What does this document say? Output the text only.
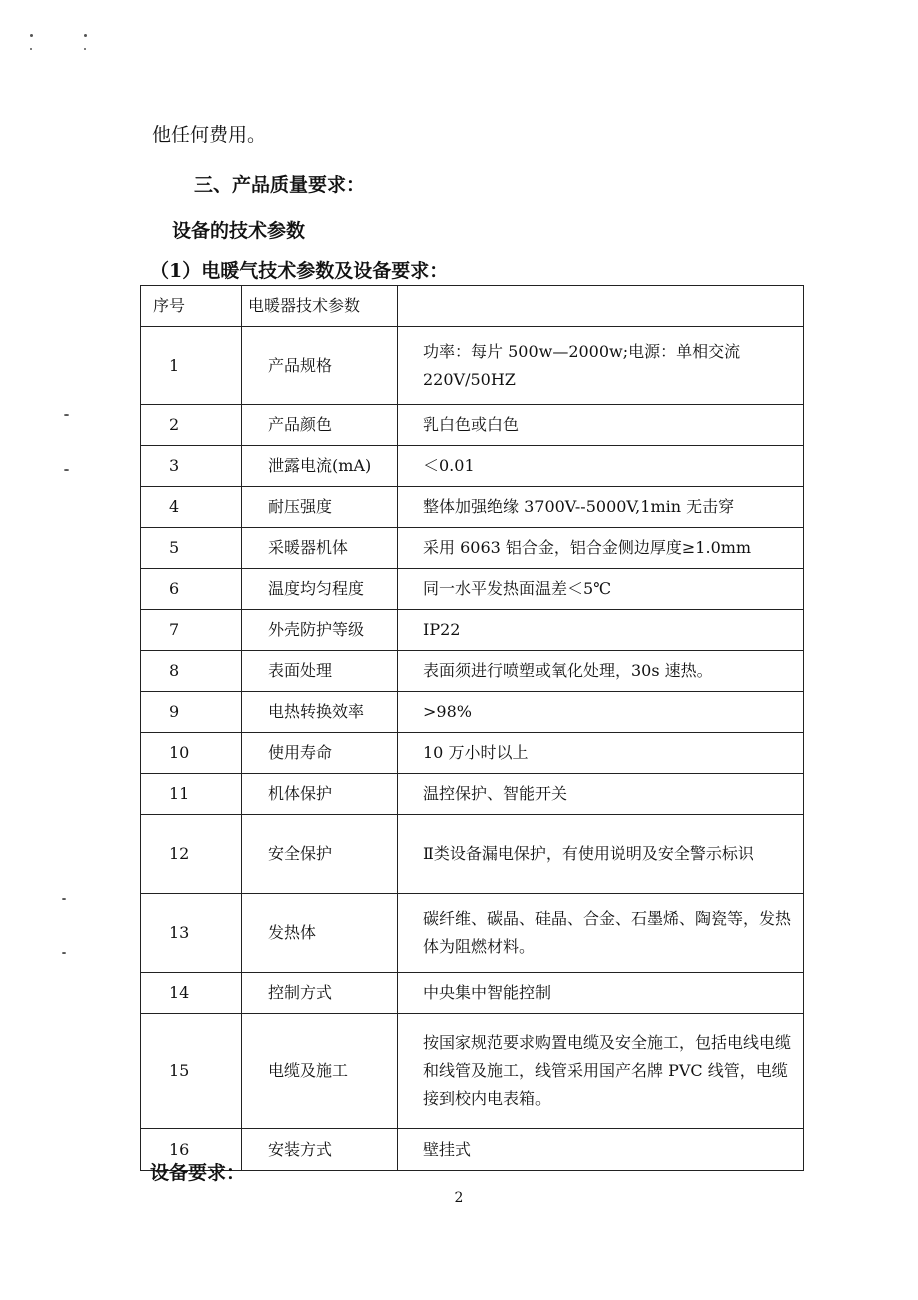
他任何费用。
三、产品质量要求：
设备的技术参数
（1）电暖气技术参数及设备要求：
序号	电暖器技术参数	
1	产品规格	功率：每片 500w—2000w;电源：单相交流 220V/50HZ
2	产品颜色	乳白色或白色
3	泄露电流(mA)	＜0.01
4	耐压强度	整体加强绝缘 3700V--5000V,1min 无击穿
5	采暖器机体	采用 6063 铝合金，铝合金侧边厚度≥1.0mm
6	温度均匀程度	同一水平发热面温差＜5℃
7	外壳防护等级	IP22
8	表面处理	表面须进行喷塑或氧化处理，30s 速热。
9	电热转换效率	>98%
10	使用寿命	10 万小时以上
11	机体保护	温控保护、智能开关
12	安全保护	Ⅱ类设备漏电保护，有使用说明及安全警示标识
13	发热体	碳纤维、碳晶、硅晶、合金、石墨烯、陶瓷等，发热体为阻燃材料。
14	控制方式	中央集中智能控制
15	电缆及施工	按国家规范要求购置电缆及安全施工，包括电线电缆和线管及施工，线管采用国产名牌 PVC 线管，电缆接到校内电表箱。
16	安装方式	壁挂式
设备要求：
2
